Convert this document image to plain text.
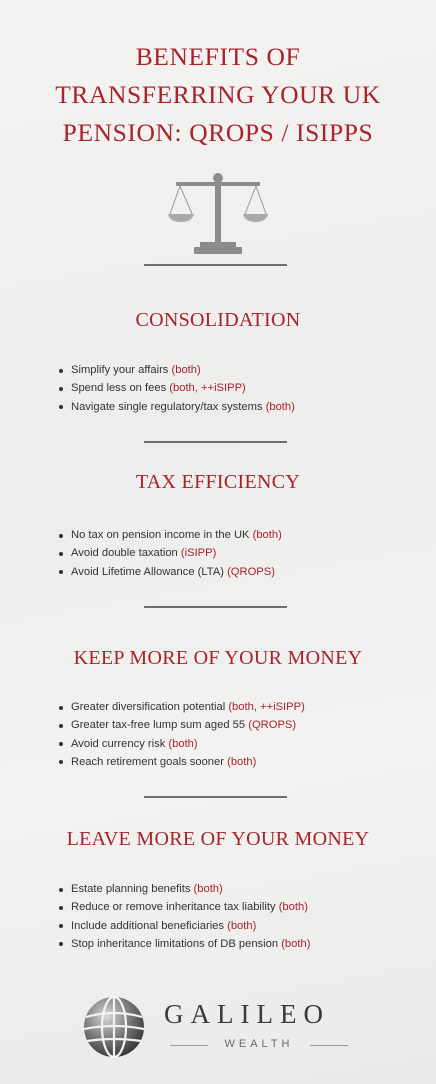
BENEFITS OF
TRANSFERRING YOUR UK
PENSION: QROPS / ISIPPS
CONSOLIDATION
Simplify your affairs (both)
Spend less on fees (both, ++iSIPP)
Navigate single regulatory/tax systems (both)
TAX EFFICIENCY
No tax on pension income in the UK (both)
Avoid double taxation (iSIPP)
Avoid Lifetime Allowance (LTA) (QROPS)
KEEP MORE OF YOUR MONEY
Greater diversification potential (both, ++iSIPP)
Greater tax-free lump sum aged 55 (QROPS)
Avoid currency risk (both)
Reach retirement goals sooner (both)
LEAVE MORE OF YOUR MONEY
Estate planning benefits (both)
Reduce or remove inheritance tax liability (both)
Include additional beneficiaries (both)
Stop inheritance limitations of DB pension (both)
GALILEO
WEALTH
